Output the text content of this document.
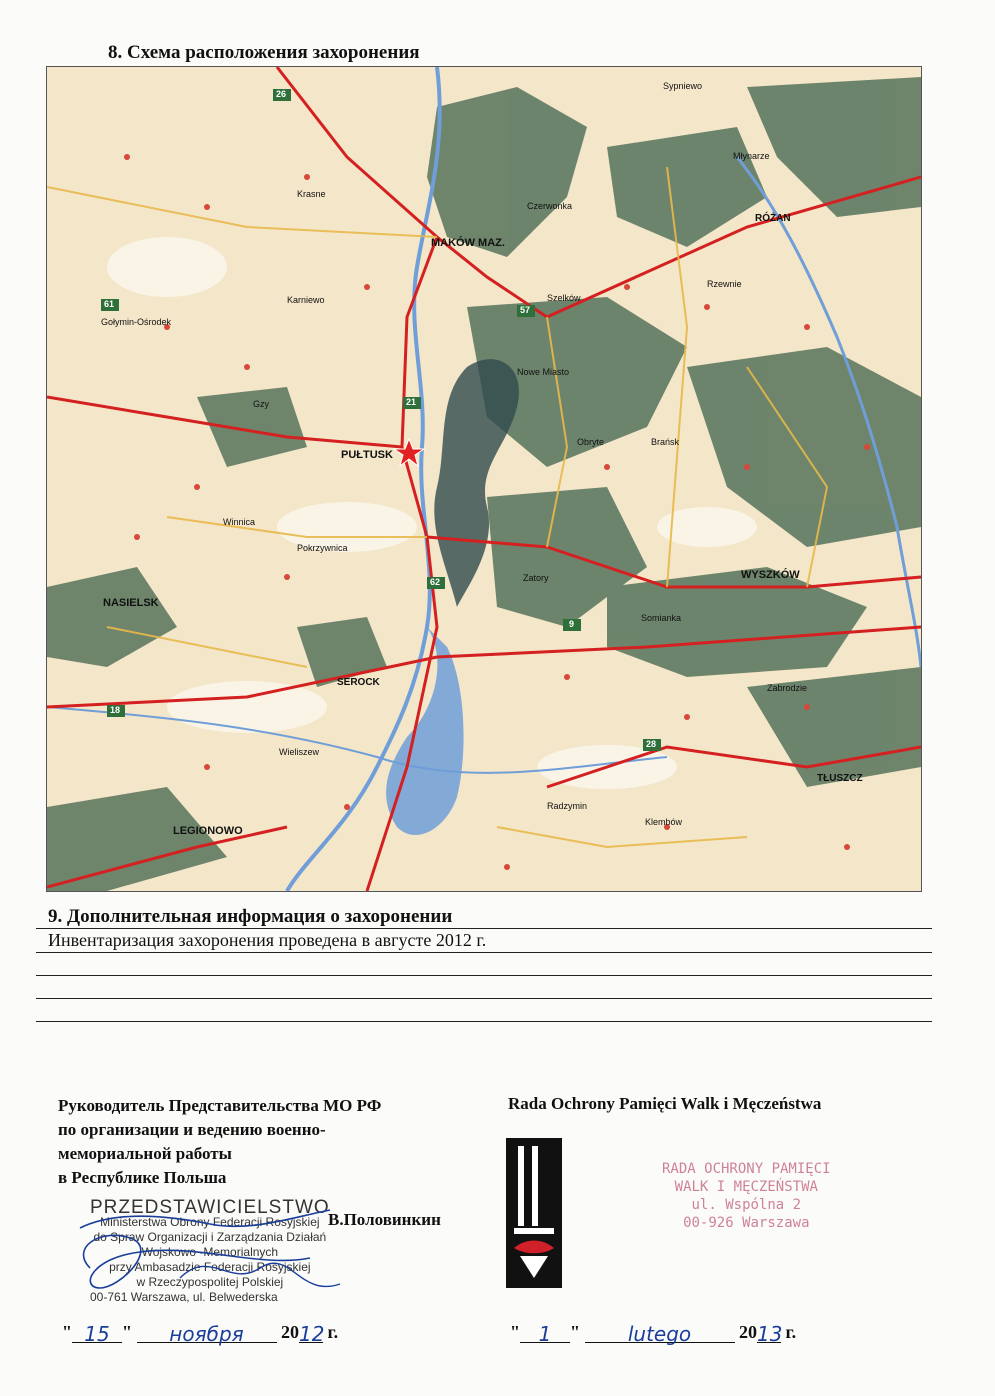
8. Схема расположения захоронения
MAKÓW MAZ.
PUŁTUSK
WYSZKÓW
NASIELSK
LEGIONOWO
SEROCK
RÓŻAN
TŁUSZCZ
Karniewo
Gołymin-Ośrodek
Winnica
Pokrzywnica
Zatory
Obryte	Brańsk
Rzewnie
Szelków
Czerwonka
Młynarze
Sypniewo
Krasne
Wieliszew
Radzymin
Klembów
Zabrodzie
Somianka
Gzy
Nowe Miasto
26
57
61
21
62
9
18
28
9. Дополнительная информация о захоронении
Инвентаризация захоронения проведена в августе 2012 г.
Руководитель Представительства МО РФ
по организации и ведению военно-
мемориальной работы
в Республике Польша
PRZEDSTAWICIELSTWO
Ministerstwa Obrony Federacji Rosyjskiej
do Spraw Organizacji i Zarządzania Działań
Wojskowo -Memorialnych
przy Ambasadzie Federacji Rosyjskiej
w Rzeczypospolitej Polskiej
00-761 Warszawa, ul. Belwederska
В.Половинкин
" 15 " ноября 2012 г.
Rada Ochrony Pamięci Walk i Męczeństwa
RADA OCHRONY PAMIĘCI
WALK I MĘCZEŃSTWA
ul. Wspólna 2
00-926 Warszawa
" 1 " lutego	2013 г.
